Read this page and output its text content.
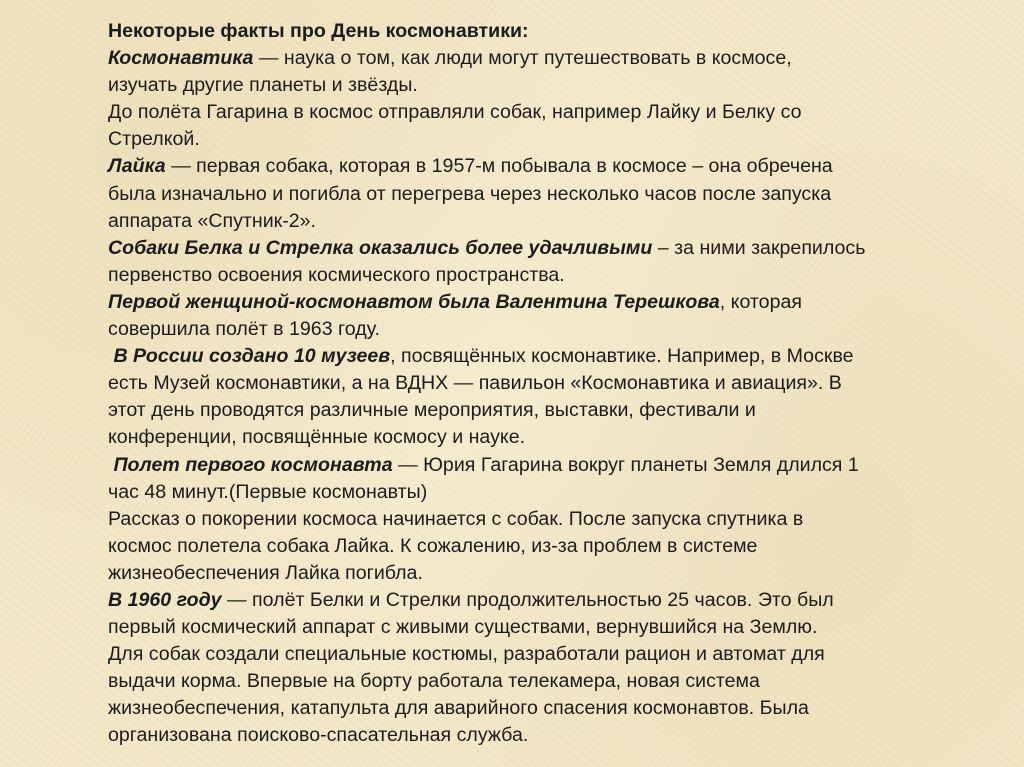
Некоторые факты про День космонавтики:
Космонавтика — наука о том, как люди могут путешествовать в космосе,
изучать другие планеты и звёзды.
До полёта Гагарина в космос отправляли собак, например Лайку и Белку со
Стрелкой.
Лайка — первая собака, которая в 1957-м побывала в космосе – она обречена
была изначально и погибла от перегрева через несколько часов после запуска
аппарата «Спутник-2».
Собаки Белка и Стрелка оказались более удачливыми – за ними закрепилось
первенство освоения космического пространства.
Первой женщиной-космонавтом была Валентина Терешкова, которая
совершила полёт в 1963 году.
В России создано 10 музеев, посвящённых космонавтике. Например, в Москве
есть Музей космонавтики, а на ВДНХ — павильон «Космонавтика и авиация». В
этот день проводятся различные мероприятия, выставки, фестивали и
конференции, посвящённые космосу и науке.
Полет первого космонавта — Юрия Гагарина вокруг планеты Земля длился 1
час 48 минут.(Первые космонавты)
Рассказ о покорении космоса начинается с собак. После запуска спутника в
космос полетела собака Лайка. К сожалению, из-за проблем в системе
жизнеобеспечения Лайка погибла.
В 1960 году — полёт Белки и Стрелки продолжительностью 25 часов. Это был
первый космический аппарат с живыми существами, вернувшийся на Землю.
Для собак создали специальные костюмы, разработали рацион и автомат для
выдачи корма. Впервые на борту работала телекамера, новая система
жизнеобеспечения, катапульта для аварийного спасения космонавтов. Была
организована поисково-спасательная служба.
